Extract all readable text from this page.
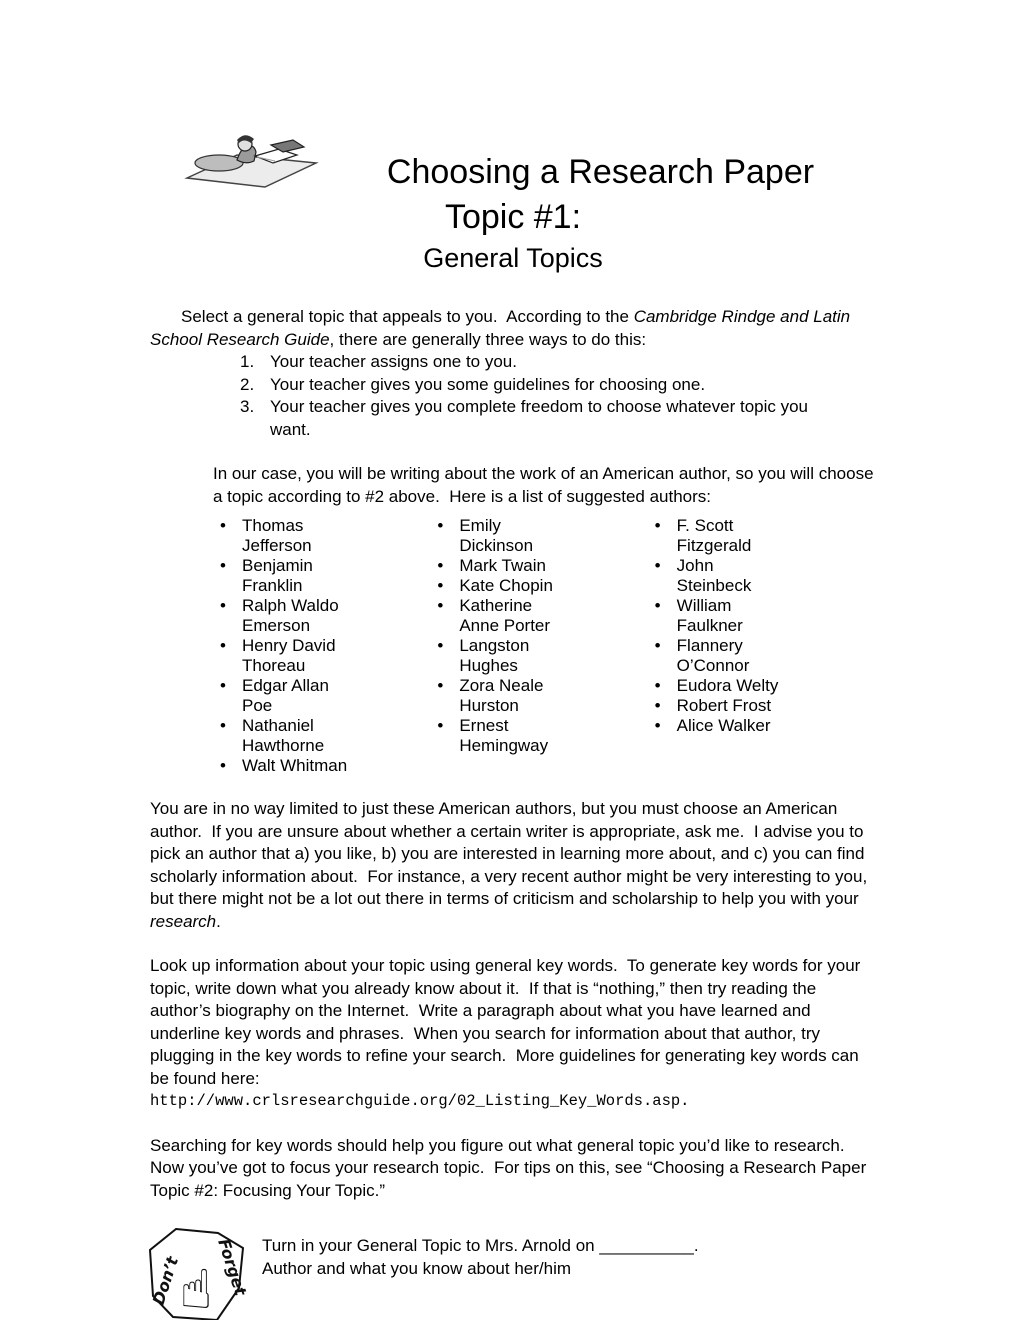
Choosing a Research Paper
Topic #1:
General Topics

Select a general topic that appeals to you.  According to the Cambridge Rindge and Latin School Research Guide, there are generally three ways to do this:

Your teacher assigns one to you.
Your teacher gives you some guidelines for choosing one.
Your teacher gives you complete freedom to choose whatever topic you want.

In our case, you will be writing about the work of an American author, so you will choose a topic according to #2 above.  Here is a list of suggested authors:

• Thomas Jefferson
• Benjamin Franklin
• Ralph Waldo Emerson
• Henry David Thoreau
• Edgar Allan Poe
• Nathaniel Hawthorne
• Walt Whitman
• Emily Dickinson
• Mark Twain
• Kate Chopin
• Katherine Anne Porter
• Langston Hughes
• Zora Neale Hurston
• Ernest Hemingway
• F. Scott Fitzgerald
• John Steinbeck
• William Faulkner
• Flannery O’Connor
• Eudora Welty
• Robert Frost
• Alice Walker

You are in no way limited to just these American authors, but you must choose an American author.  If you are unsure about whether a certain writer is appropriate, ask me.  I advise you to pick an author that a) you like, b) you are interested in learning more about, and c) you can find scholarly information about.  For instance, a very recent author might be very interesting to you, but there might not be a lot out there in terms of criticism and scholarship to help you with your research.

Look up information about your topic using general key words.  To generate key words for your topic, write down what you already know about it.  If that is “nothing,” then try reading the author’s biography on the Internet.  Write a paragraph about what you have learned and underline key words and phrases.  When you search for information about that author, try plugging in the key words to refine your search.  More guidelines for generating key words can be found here:

http://www.crlsresearchguide.org/02_Listing_Key_Words.asp.

Searching for key words should help you figure out what general topic you’d like to research.  Now you’ve got to focus your research topic.  For tips on this, see “Choosing a Research Paper Topic #2: Focusing Your Topic.”

Don’t Forget
☝
Turn in your General Topic to Mrs. Arnold on __________.
Author and what you know about her/him
